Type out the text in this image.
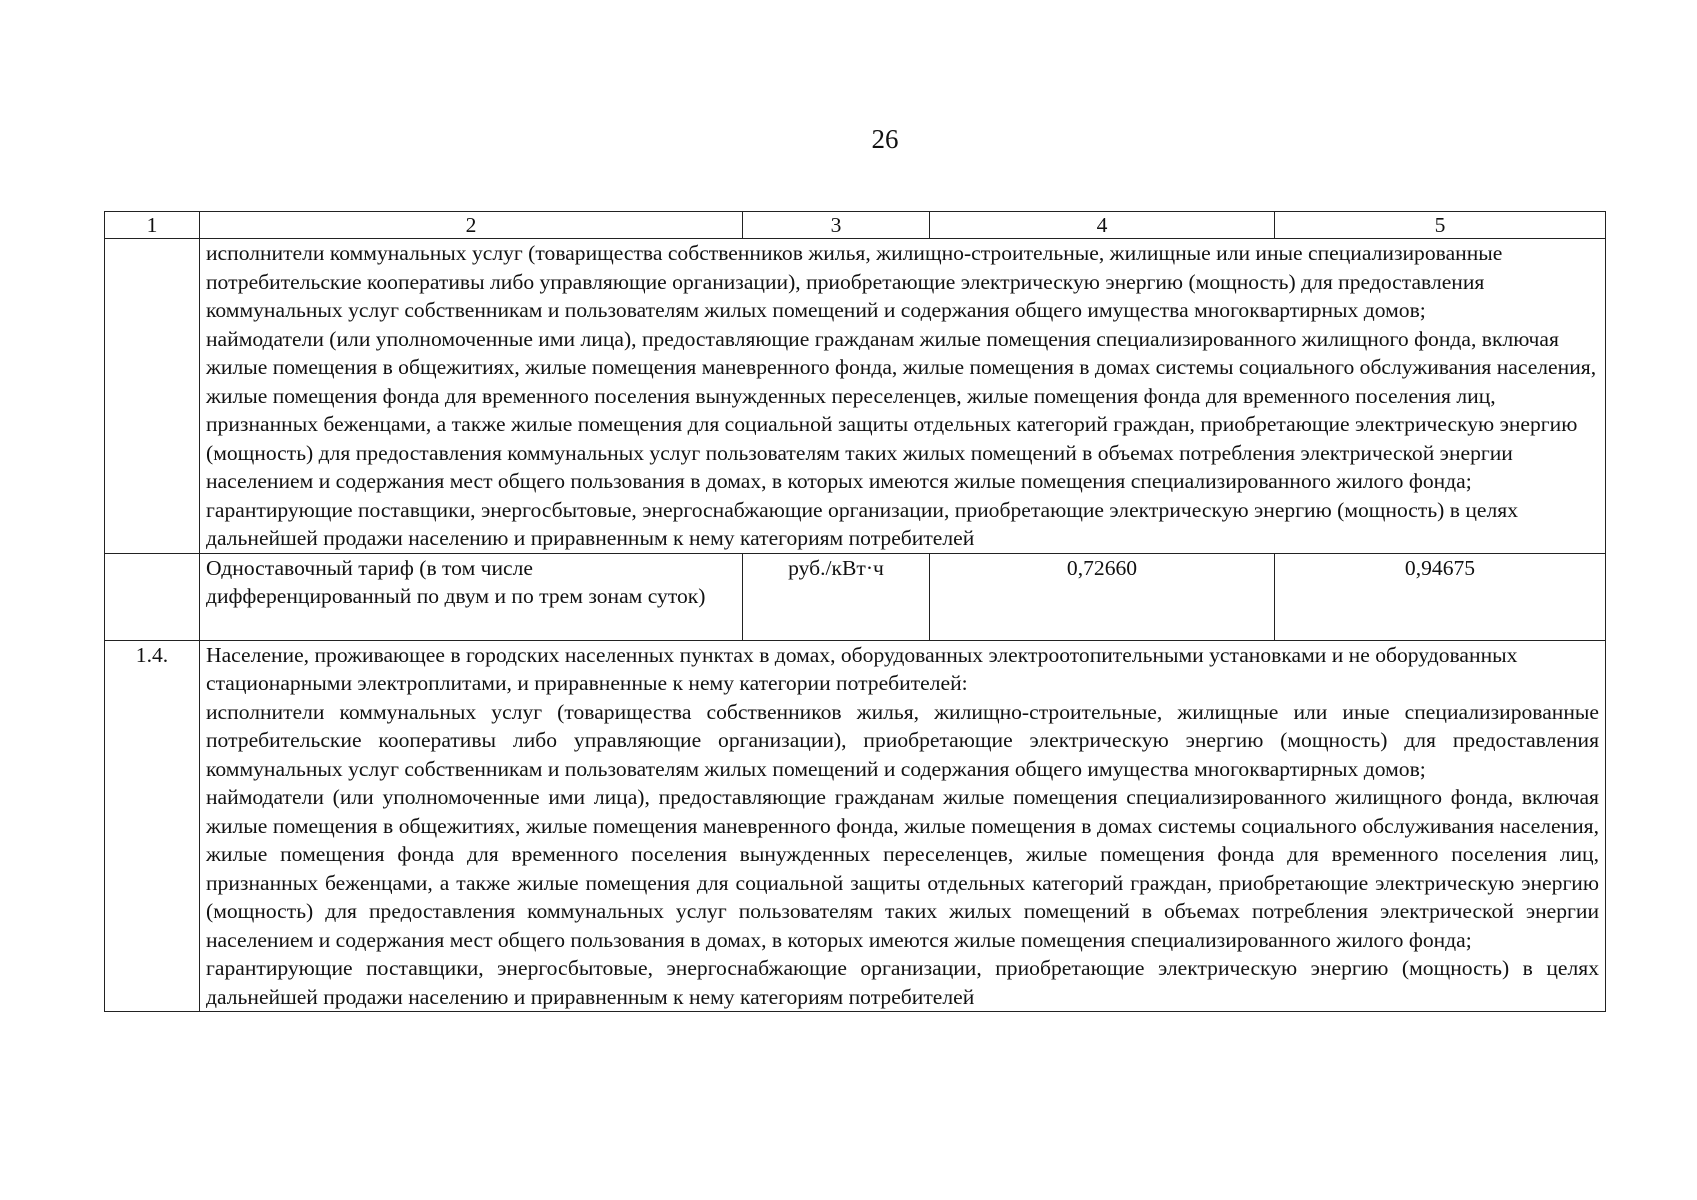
26
1	2	3	4	5

	исполнители коммунальных услуг (товарищества собственников жилья, жилищно-строительные, жилищные или иные специализированные потребительские кооперативы либо управляющие организации), приобретающие электрическую энергию (мощность) для предоставления коммунальных услуг собственникам и пользователям жилых помещений и содержания общего имущества многоквартирных домов;
наймодатели (или уполномоченные ими лица), предоставляющие гражданам жилые помещения специализированного жилищного фонда, включая жилые помещения в общежитиях, жилые помещения маневренного фонда, жилые помещения в домах системы социального обслуживания населения, жилые помещения фонда для временного поселения вынужденных переселенцев, жилые помещения фонда для временного поселения лиц, признанных беженцами, а также жилые помещения для социальной защиты отдельных категорий граждан, приобретающие электрическую энергию (мощность) для предоставления коммунальных услуг пользователям таких жилых помещений в объемах потребления электрической энергии населением и содержания мест общего пользования в домах, в которых имеются жилые помещения специализированного жилого фонда;
гарантирующие поставщики, энергосбытовые, энергоснабжающие организации, приобретающие электрическую энергию (мощность) в целях дальнейшей продажи населению и приравненным к нему категориям потребителей			

	Одноставочный тариф (в том числе дифференцированный по двум и по трем зонам суток)	руб./кВт·ч	0,72660	0,94675
1.4.	Население, проживающее в городских населенных пунктах в домах, оборудованных электроотопительными установками и не оборудованных стационарными электроплитами, и приравненные к нему категории потребителей:
исполнители коммунальных услуг (товарищества собственников жилья, жилищно-строительные, жилищные или иные специализированные потребительские кооперативы либо управляющие организации), приобретающие электрическую энергию (мощность) для предоставления коммунальных услуг собственникам и пользователям жилых помещений и содержания общего имущества многоквартирных домов;
наймодатели (или уполномоченные ими лица), предоставляющие гражданам жилые помещения специализированного жилищного фонда, включая жилые помещения в общежитиях, жилые помещения маневренного фонда, жилые помещения в домах системы социального обслуживания населения, жилые помещения фонда для временного поселения вынужденных переселенцев, жилые помещения фонда для временного поселения лиц, признанных беженцами, а также жилые помещения для социальной защиты отдельных категорий граждан, приобретающие электрическую энергию (мощность) для предоставления коммунальных услуг пользователям таких жилых помещений в объемах потребления электрической энергии населением и содержания мест общего пользования в домах, в которых имеются жилые помещения специализированного жилого фонда;
гарантирующие поставщики, энергосбытовые, энергоснабжающие организации, приобретающие электрическую энергию (мощность) в целях дальнейшей продажи населению и приравненным к нему категориям потребителей			
